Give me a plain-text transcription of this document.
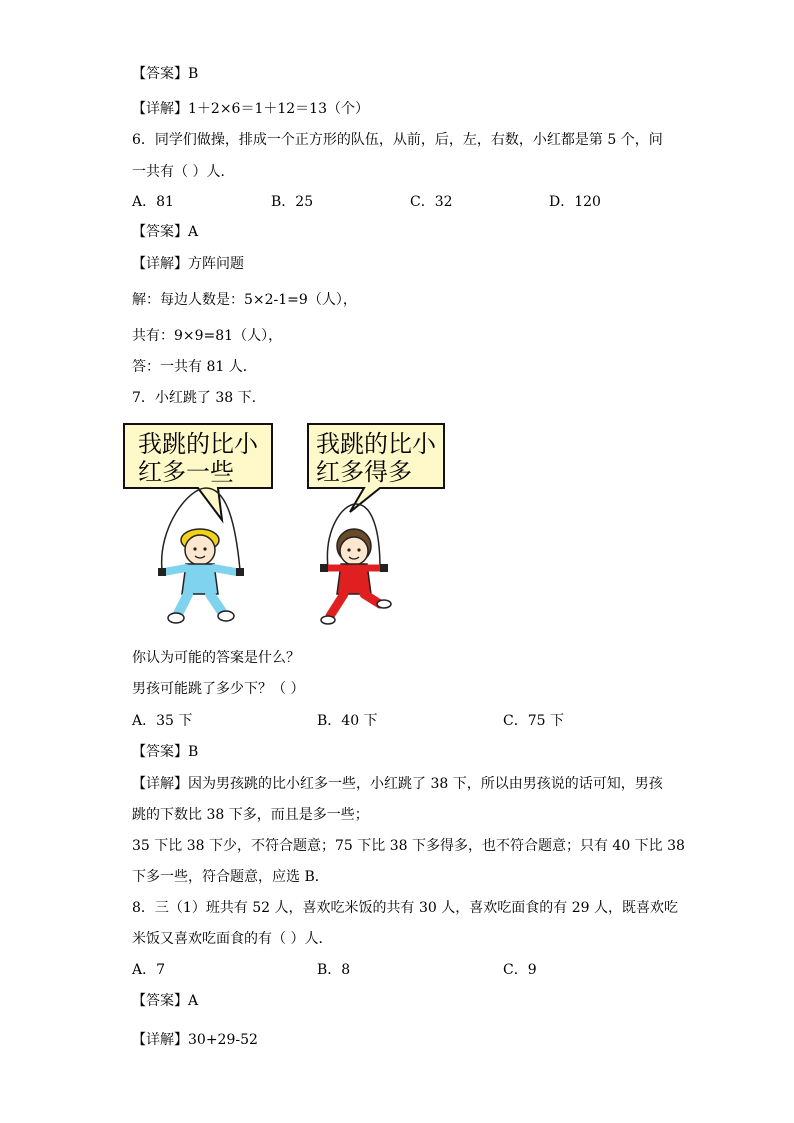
【答案】B
【详解】1＋2×6＝1＋12＝13（个）
6．同学们做操，排成一个正方形的队伍，从前，后，左，右数，小红都是第 5 个，问
一共有（ ）人．
A．81	B．25	C．32	D．120
【答案】A
【详解】方阵问题
解：每边人数是：5×2-1=9（人），
共有：9×9=81（人），
答：一共有 81 人．
7．小红跳了 38 下.
我跳的比小
红多一些
我跳的比小
红多得多
你认为可能的答案是什么？
男孩可能跳了多少下？（ ）
A．35 下	B．40 下	C．75 下
【答案】B
【详解】因为男孩跳的比小红多一些，小红跳了 38 下，所以由男孩说的话可知，男孩
跳的下数比 38 下多，而且是多一些；
35 下比 38 下少，不符合题意；75 下比 38 下多得多，也不符合题意；只有 40 下比 38
下多一些，符合题意，应选 B．
8．三（1）班共有 52 人，喜欢吃米饭的共有 30 人，喜欢吃面食的有 29 人，既喜欢吃
米饭又喜欢吃面食的有（ ）人．
A．7	B．8	C．9
【答案】A
【详解】30+29-52
